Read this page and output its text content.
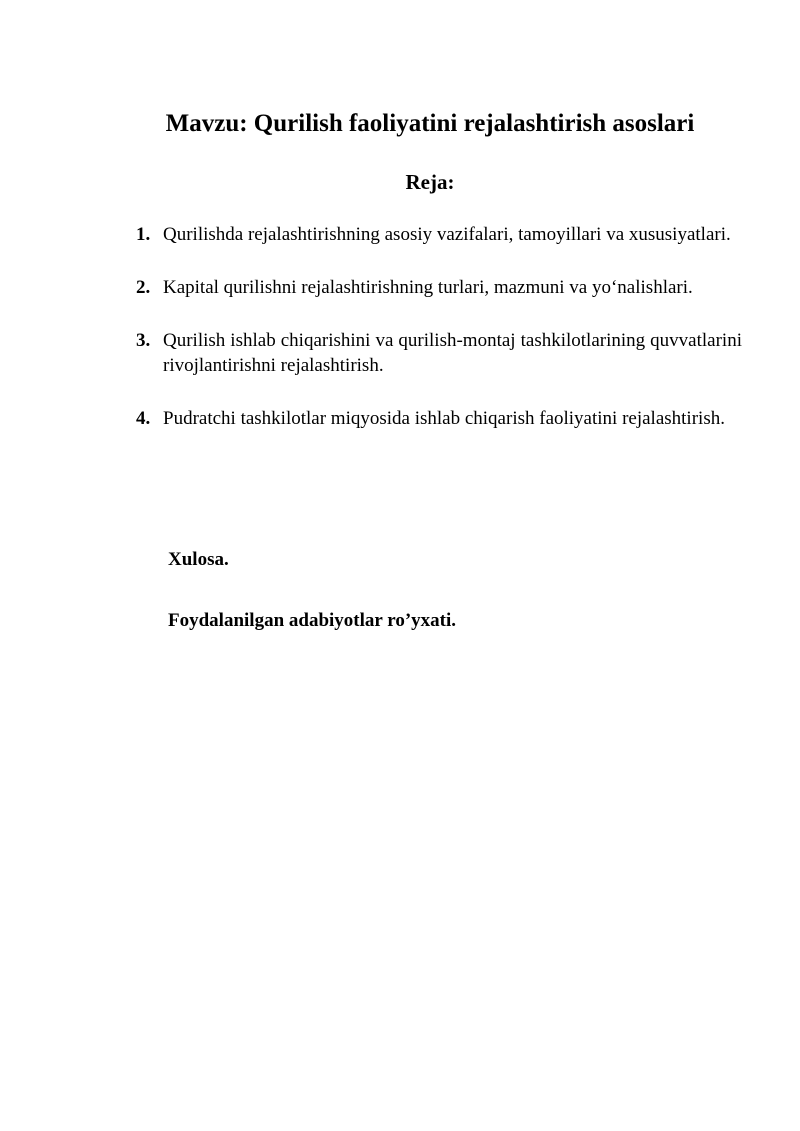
Mavzu: Qurilish faoliyatini rejalashtirish asoslari
Reja:
1. Qurilishda rejalashtirishning asosiy vazifalari, tamoyillari va xususiyatlari.
2. Kapital qurilishni rejalashtirishning turlari, mazmuni va yo‘nalishlari.
3. Qurilish ishlab chiqarishini va qurilish-montaj tashkilotlarining quvvatlarini rivojlantirishni rejalashtirish.
4. Pudratchi tashkilotlar miqyosida ishlab chiqarish faoliyatini rejalashtirish.

Xulosa.

Foydalanilgan adabiyotlar ro’yxati.
